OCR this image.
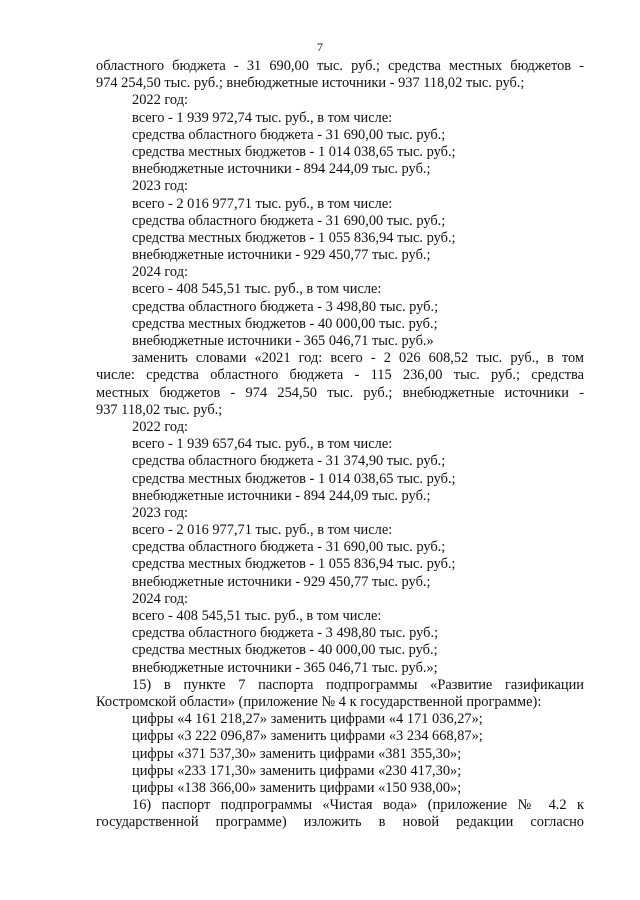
7
областного бюджета - 31 690,00 тыс. руб.; средства местных бюджетов -
974 254,50 тыс. руб.; внебюджетные источники - 937 118,02 тыс. руб.;
2022 год:
всего - 1 939 972,74 тыс. руб., в том числе:
средства областного бюджета - 31 690,00 тыс. руб.;
средства местных бюджетов - 1 014 038,65 тыс. руб.;
внебюджетные источники - 894 244,09 тыс. руб.;
2023 год:
всего - 2 016 977,71 тыс. руб., в том числе:
средства областного бюджета - 31 690,00 тыс. руб.;
средства местных бюджетов - 1 055 836,94 тыс. руб.;
внебюджетные источники - 929 450,77 тыс. руб.;
2024 год:
всего - 408 545,51 тыс. руб., в том числе:
средства областного бюджета - 3 498,80 тыс. руб.;
средства местных бюджетов - 40 000,00 тыс. руб.;
внебюджетные источники - 365 046,71 тыс. руб.»
заменить словами «2021 год: всего - 2 026 608,52 тыс. руб., в том
числе: средства областного бюджета - 115 236,00 тыс. руб.; средства
местных бюджетов - 974 254,50 тыс. руб.; внебюджетные источники -
937 118,02 тыс. руб.;
2022 год:
всего - 1 939 657,64 тыс. руб., в том числе:
средства областного бюджета - 31 374,90 тыс. руб.;
средства местных бюджетов - 1 014 038,65 тыс. руб.;
внебюджетные источники - 894 244,09 тыс. руб.;
2023 год:
всего - 2 016 977,71 тыс. руб., в том числе:
средства областного бюджета - 31 690,00 тыс. руб.;
средства местных бюджетов - 1 055 836,94 тыс. руб.;
внебюджетные источники - 929 450,77 тыс. руб.;
2024 год:
всего - 408 545,51 тыс. руб., в том числе:
средства областного бюджета - 3 498,80 тыс. руб.;
средства местных бюджетов - 40 000,00 тыс. руб.;
внебюджетные источники - 365 046,71 тыс. руб.»;
15) в пункте 7 паспорта подпрограммы «Развитие газификации
Костромской области» (приложение № 4 к государственной программе):
цифры «4 161 218,27» заменить цифрами «4 171 036,27»;
цифры «3 222 096,87» заменить цифрами «3 234 668,87»;
цифры «371 537,30» заменить цифрами «381 355,30»;
цифры «233 171,30» заменить цифрами «230 417,30»;
цифры «138 366,00» заменить цифрами «150 938,00»;
16) паспорт подпрограммы «Чистая вода» (приложение № 4.2 к
государственной программе) изложить в новой редакции согласно
